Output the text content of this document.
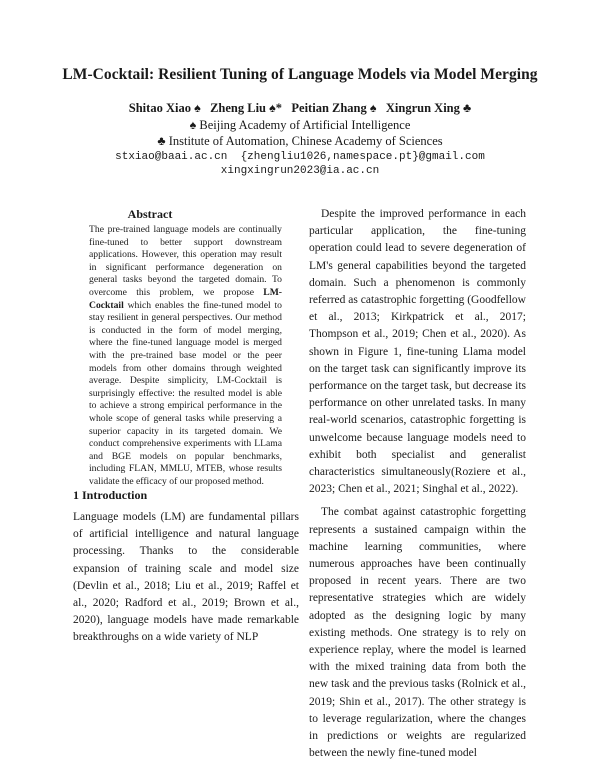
LM-Cocktail: Resilient Tuning of Language Models via Model Merging
Shitao Xiao ♠   Zheng Liu ♠*   Peitian Zhang ♠   Xingrun Xing ♣
♠ Beijing Academy of Artificial Intelligence
♣ Institute of Automation, Chinese Academy of Sciences
stxiao@baai.ac.cn  {zhengliu1026,namespace.pt}@gmail.com
xingxingrun2023@ia.ac.cn
Abstract
The pre-trained language models are continually fine-tuned to better support downstream applications. However, this operation may result in significant performance degeneration on general tasks beyond the targeted domain. To overcome this problem, we propose LM-Cocktail which enables the fine-tuned model to stay resilient in general perspectives. Our method is conducted in the form of model merging, where the fine-tuned language model is merged with the pre-trained base model or the peer models from other domains through weighted average. Despite simplicity, LM-Cocktail is surprisingly effective: the resulted model is able to achieve a strong empirical performance in the whole scope of general tasks while preserving a superior capacity in its targeted domain. We conduct comprehensive experiments with LLama and BGE models on popular benchmarks, including FLAN, MMLU, MTEB, whose results validate the efficacy of our proposed method.
1 Introduction
Language models (LM) are fundamental pillars of artificial intelligence and natural language processing. Thanks to the considerable expansion of training scale and model size (Devlin et al., 2018; Liu et al., 2019; Raffel et al., 2020; Radford et al., 2019; Brown et al., 2020), language models have made remarkable breakthroughs on a wide variety of NLP

Despite the improved performance in each particular application, the fine-tuning operation could lead to severe degeneration of LM's general capabilities beyond the targeted domain. Such a phenomenon is commonly referred as catastrophic forgetting (Goodfellow et al., 2013; Kirkpatrick et al., 2017; Thompson et al., 2019; Chen et al., 2020). As shown in Figure 1, fine-tuning Llama model on the target task can significantly improve its performance on the target task, but decrease its performance on other unrelated tasks. In many real-world scenarios, catastrophic forgetting is unwelcome because language models need to exhibit both specialist and generalist characteristics simultaneously(Roziere et al., 2023; Chen et al., 2021; Singhal et al., 2022).

The combat against catastrophic forgetting represents a sustained campaign within the machine learning communities, where numerous approaches have been continually proposed in recent years. There are two representative strategies which are widely adopted as the designing logic by many existing methods. One strategy is to rely on experience replay, where the model is learned with the mixed training data from both the new task and the previous tasks (Rolnick et al., 2019; Shin et al., 2017). The other strategy is to leverage regularization, where the changes in predictions or weights are regularized between the newly fine-tuned model
